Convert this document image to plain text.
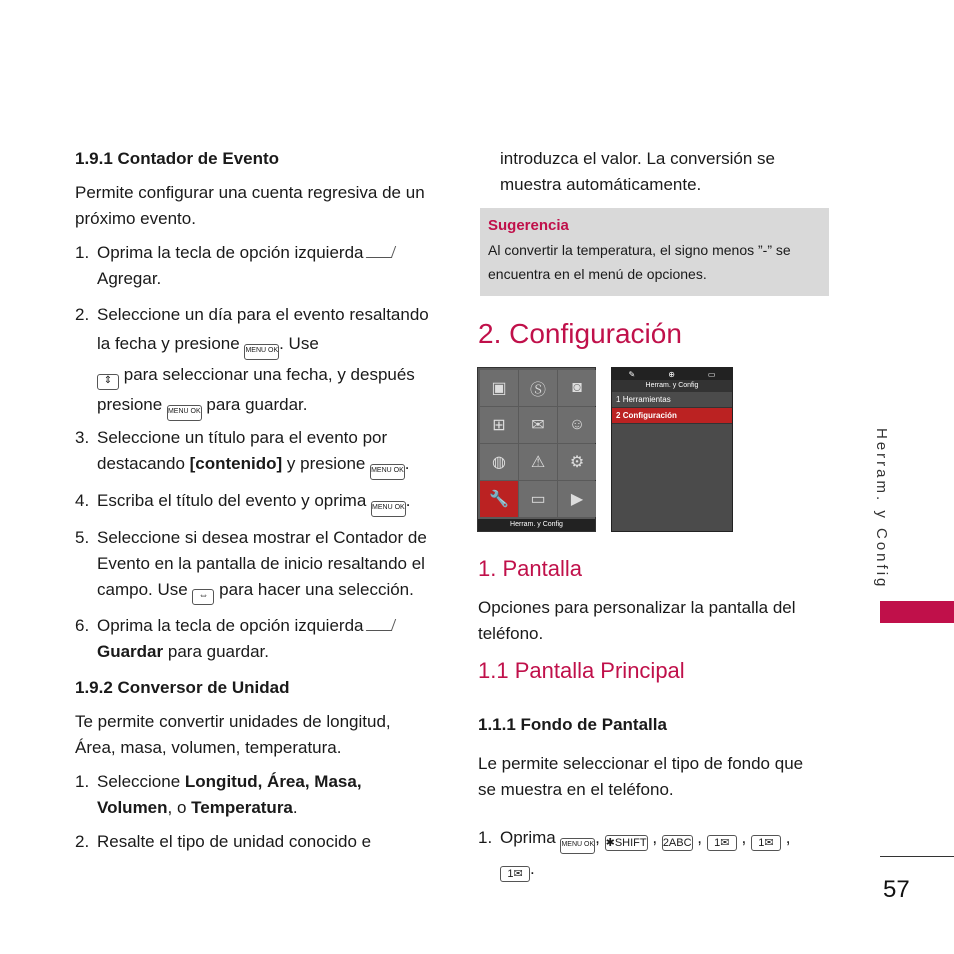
1.9.1 Contador de Evento

Permite configurar una cuenta regresiva de un próximo evento.

1. Oprima la tecla de opción izquierda
Agregar.
2. Seleccione un día para el evento resaltando la fecha y presione MENU OK. Use
⇕ para seleccionar una fecha, y después presione MENU OK para guardar.
3. Seleccione un título para el evento por destacando [contenido] y presione MENU OK.
4. Escriba el título del evento y oprima MENU OK.
5. Seleccione si desea mostrar el Contador de Evento en la pantalla de inicio resaltando el campo. Use ⇔ para hacer una selección.
6. Oprima la tecla de opción izquierda
Guardar para guardar.
1.9.2 Conversor de Unidad

Te permite convertir unidades de longitud, Área, masa, volumen, temperatura.

1. Seleccione Longitud, Área, Masa, Volumen, o Temperatura.
2. Resalte el tipo de unidad conocido e

introduzca el valor. La conversión se muestra automáticamente.

Sugerencia
Al convertir la temperatura, el signo menos ”-” se encuentra en el menú de opciones.
2. Configuración
▣	Ⓢ	◙
⊞	✉	☺
◍	⚠	⚙
🔧	▭	▶
Herram. y Config
✎	⊕	▭
Herram. y Config
1 Herramientas
2 Configuración
1. Pantalla

Opciones para personalizar la pantalla del teléfono.

1.1 Pantalla Principal
1.1.1 Fondo de Pantalla

Le permite seleccionar el tipo de fondo que se muestra en el teléfono.

1. Oprima MENU OK, ✱SHIFT , 2ABC , 1✉ , 1✉ ,
1✉ .
Herram. y Config
57
